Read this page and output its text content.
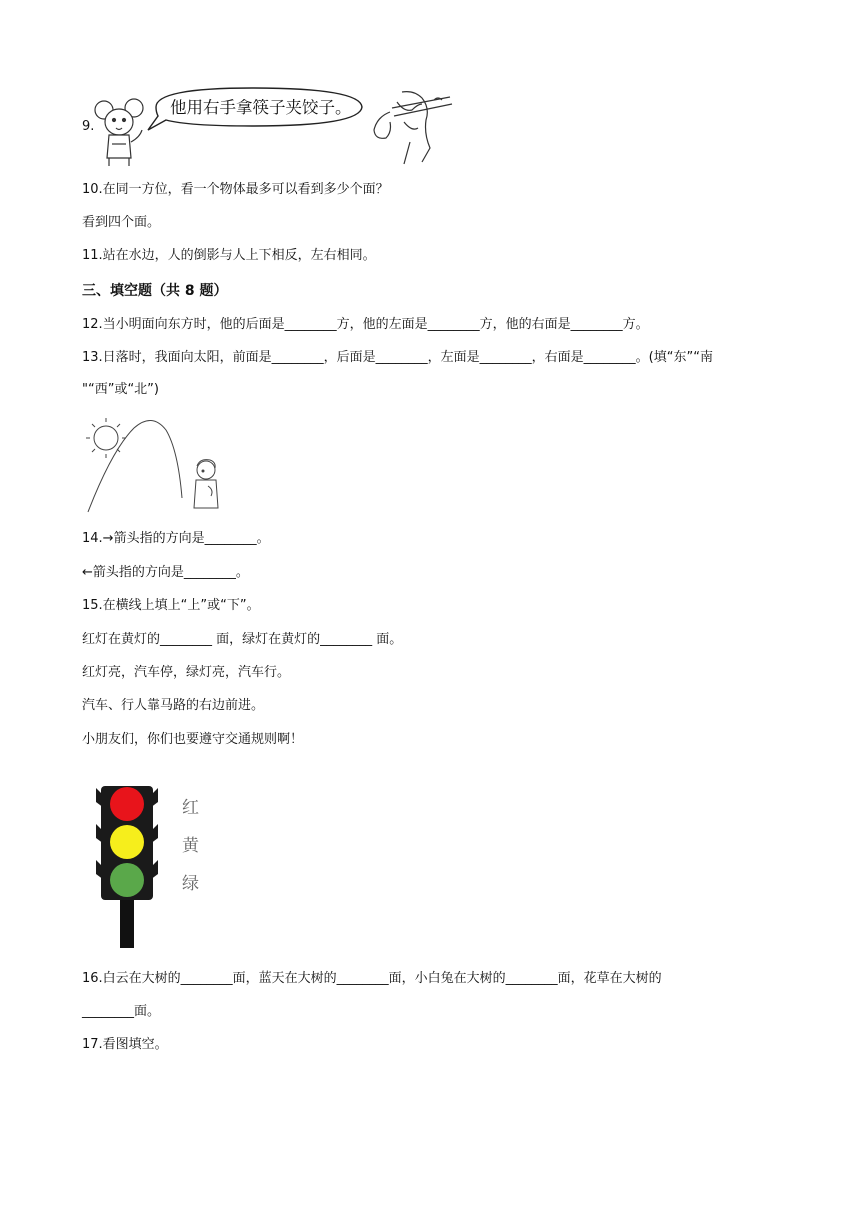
9.
他用右手拿筷子夹饺子。
10.在同一方位，看一个物体最多可以看到多少个面？
看到四个面。
11.站在水边，人的倒影与人上下相反，左右相同。
三、填空题（共 8 题）
12.当小明面向东方时，他的后面是________方，他的左面是________方，他的右面是________方。
13.日落时，我面向太阳，前面是________，后面是________，左面是________，右面是________。(填“东”“南
"“西”或“北”)
14.→箭头指的方向是________。
←箭头指的方向是________。
15.在横线上填上“上”或“下”。
红灯在黄灯的________ 面，绿灯在黄灯的________ 面。
红灯亮，汽车停，绿灯亮，汽车行。
汽车、行人靠马路的右边前进。
小朋友们，你们也要遵守交通规则啊！
红
黄
绿
16.白云在大树的________面，蓝天在大树的________面，小白兔在大树的________面，花草在大树的
________面。
17.看图填空。
